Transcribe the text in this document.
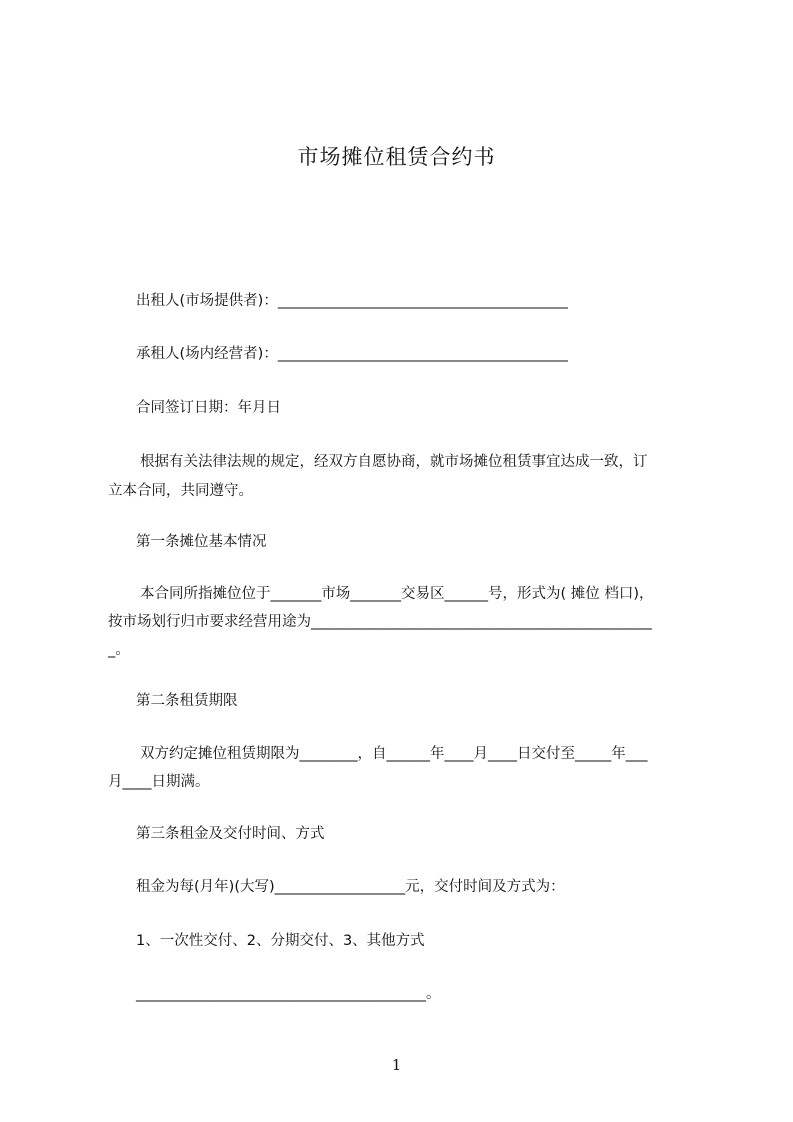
市场摊位租赁合约书
出租人(市场提供者)：________________________________________
承租人(场内经营者)：________________________________________
合同签订日期：年月日
根据有关法律法规的规定，经双方自愿协商，就市场摊位租赁事宜达成一致，订
立本合同，共同遵守。
第一条摊位基本情况
本合同所指摊位位于_______市场_______交易区______号，形式为( 摊位 档口)，
按市场划行归市要求经营用途为_______________________________________________
_。
第二条租赁期限
双方约定摊位租赁期限为________，自______年____月____日交付至_____年___
月____日期满。
第三条租金及交付时间、方式
租金为每(月年)(大写)__________________元，交付时间及方式为：
1、一次性交付、2、分期交付、3、其他方式
________________________________________。
1
